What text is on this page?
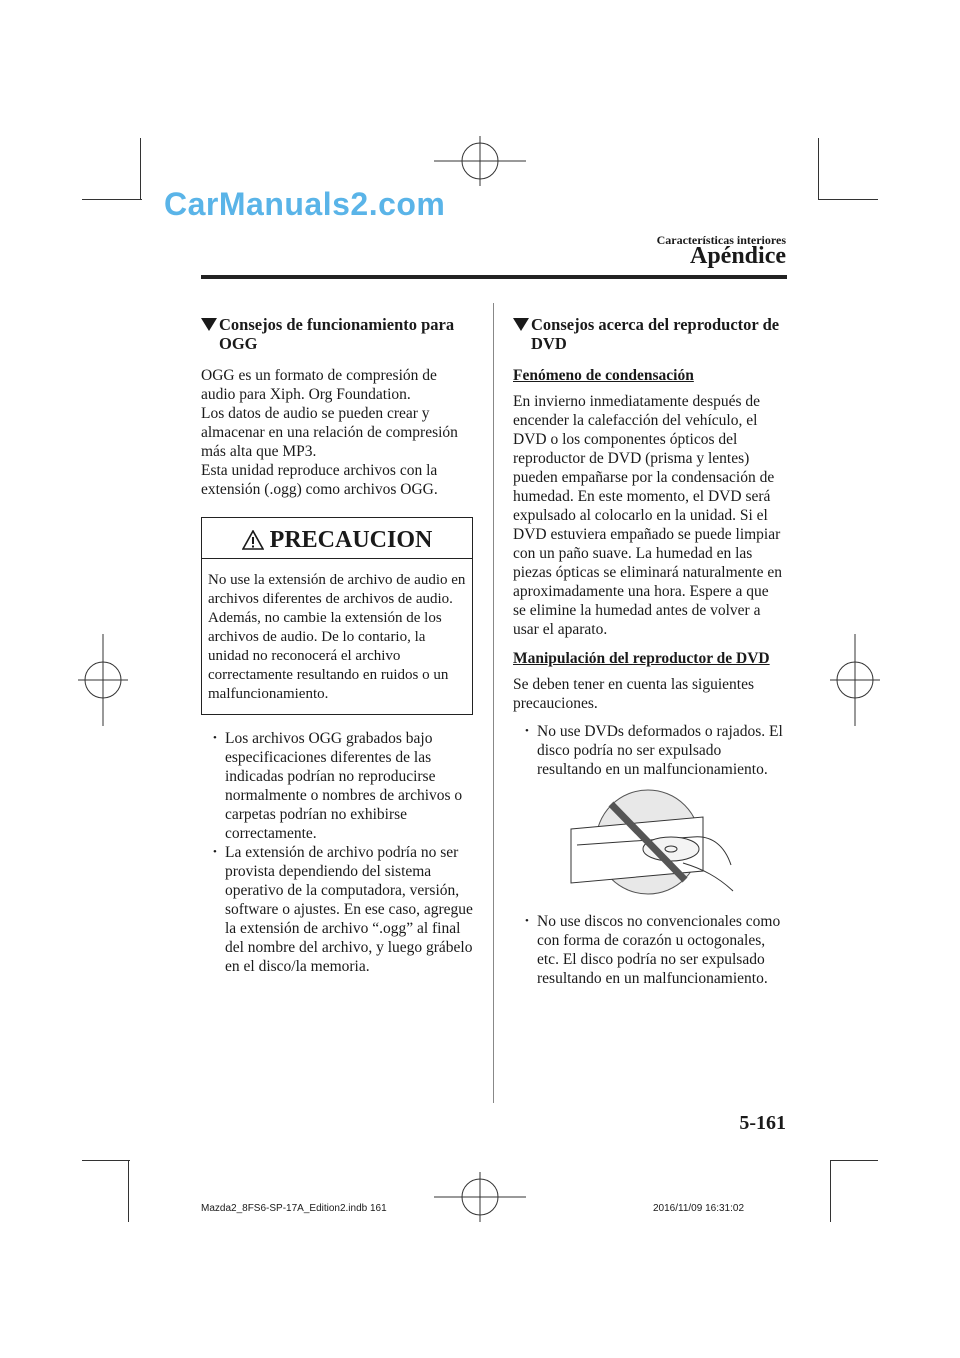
CarManuals2.com
Características interiores
Apéndice
Consejos de funcionamiento para OGG

OGG es un formato de compresión de audio para Xiph. Org Foundation.

Los datos de audio se pueden crear y almacenar en una relación de compresión más alta que MP3.

Esta unidad reproduce archivos con la extensión (.ogg) como archivos OGG.

PRECAUCION
No use la extensión de archivo de audio en archivos diferentes de archivos de audio. Además, no cambie la extensión de los archivos de audio. De lo contario, la unidad no reconocerá el archivo correctamente resultando en ruidos o un malfuncionamiento.
• Los archivos OGG grabados bajo especificaciones diferentes de las indicadas podrían no reproducirse normalmente o nombres de archivos o carpetas podrían no exhibirse correctamente.
• La extensión de archivo podría no ser provista dependiendo del sistema operativo de la computadora, versión, software o ajustes. En ese caso, agregue la extensión de archivo “.ogg” al final del nombre del archivo, y luego grábelo en el disco/la memoria.
Consejos acerca del reproductor de DVD
Fenómeno de condensación

En invierno inmediatamente después de encender la calefacción del vehículo, el DVD o los componentes ópticos del reproductor de DVD (prisma y lentes) pueden empañarse por la condensación de humedad. En este momento, el DVD será expulsado al colocarlo en la unidad. Si el DVD estuviera empañado se puede limpiar con un paño suave. La humedad en las piezas ópticas se eliminará naturalmente en aproximadamente una hora. Espere a que se elimine la humedad antes de volver a usar el aparato.

Manipulación del reproductor de DVD

Se deben tener en cuenta las siguientes precauciones.

• No use DVDs deformados o rajados. El disco podría no ser expulsado resultando en un malfuncionamiento.
• No use discos no convencionales como con forma de corazón u octogonales, etc. El disco podría no ser expulsado resultando en un malfuncionamiento.
5-161
Mazda2_8FS6-SP-17A_Edition2.indb 161	2016/11/09 16:31:02
